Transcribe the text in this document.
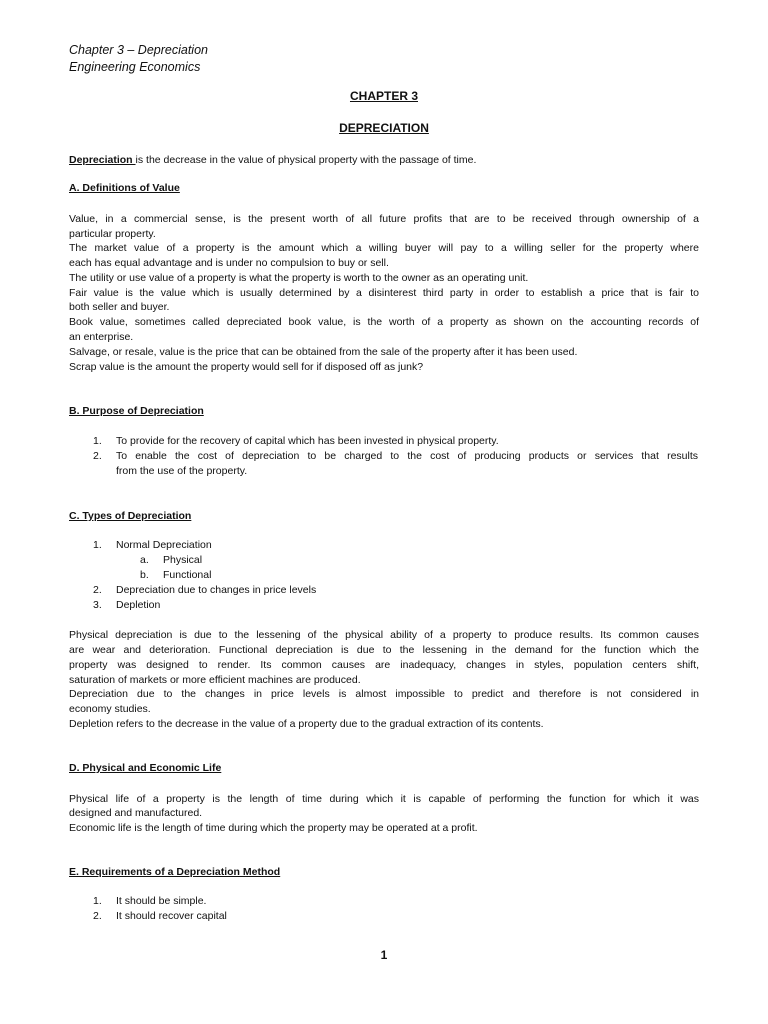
Chapter 3 – Depreciation
Engineering Economics
CHAPTER 3
DEPRECIATION
Depreciation is the decrease in the value of physical property with the passage of time.
A. Definitions of Value
Value, in a commercial sense, is the present worth of all future profits that are to be received through ownership of a
particular property.
The market value of a property is the amount which a willing buyer will pay to a willing seller for the property where
each has equal advantage and is under no compulsion to buy or sell.
The utility or use value of a property is what the property is worth to the owner as an operating unit.
Fair value is the value which is usually determined by a disinterest third party in order to establish a price that is fair to
both seller and buyer.
Book value, sometimes called depreciated book value, is the worth of a property as shown on the accounting records of
an enterprise.
Salvage, or resale, value is the price that can be obtained from the sale of the property after it has been used.
Scrap value is the amount the property would sell for if disposed off as junk?
B. Purpose of Depreciation
1. To provide for the recovery of capital which has been invested in physical property.
2. To enable the cost of depreciation to be charged to the cost of producing products or services that results
from the use of the property.
C. Types of Depreciation
1. Normal Depreciation
a. Physical
b. Functional
2. Depreciation due to changes in price levels
3. Depletion
Physical depreciation is due to the lessening of the physical ability of a property to produce results. Its common causes
are wear and deterioration. Functional depreciation is due to the lessening in the demand for the function which the
property was designed to render. Its common causes are inadequacy, changes in styles, population centers shift,
saturation of markets or more efficient machines are produced.
Depreciation due to the changes in price levels is almost impossible to predict and therefore is not considered in
economy studies.
Depletion refers to the decrease in the value of a property due to the gradual extraction of its contents.
D. Physical and Economic Life
Physical life of a property is the length of time during which it is capable of performing the function for which it was
designed and manufactured.
Economic life is the length of time during which the property may be operated at a profit.
E. Requirements of a Depreciation Method
1. It should be simple.
2. It should recover capital
1
